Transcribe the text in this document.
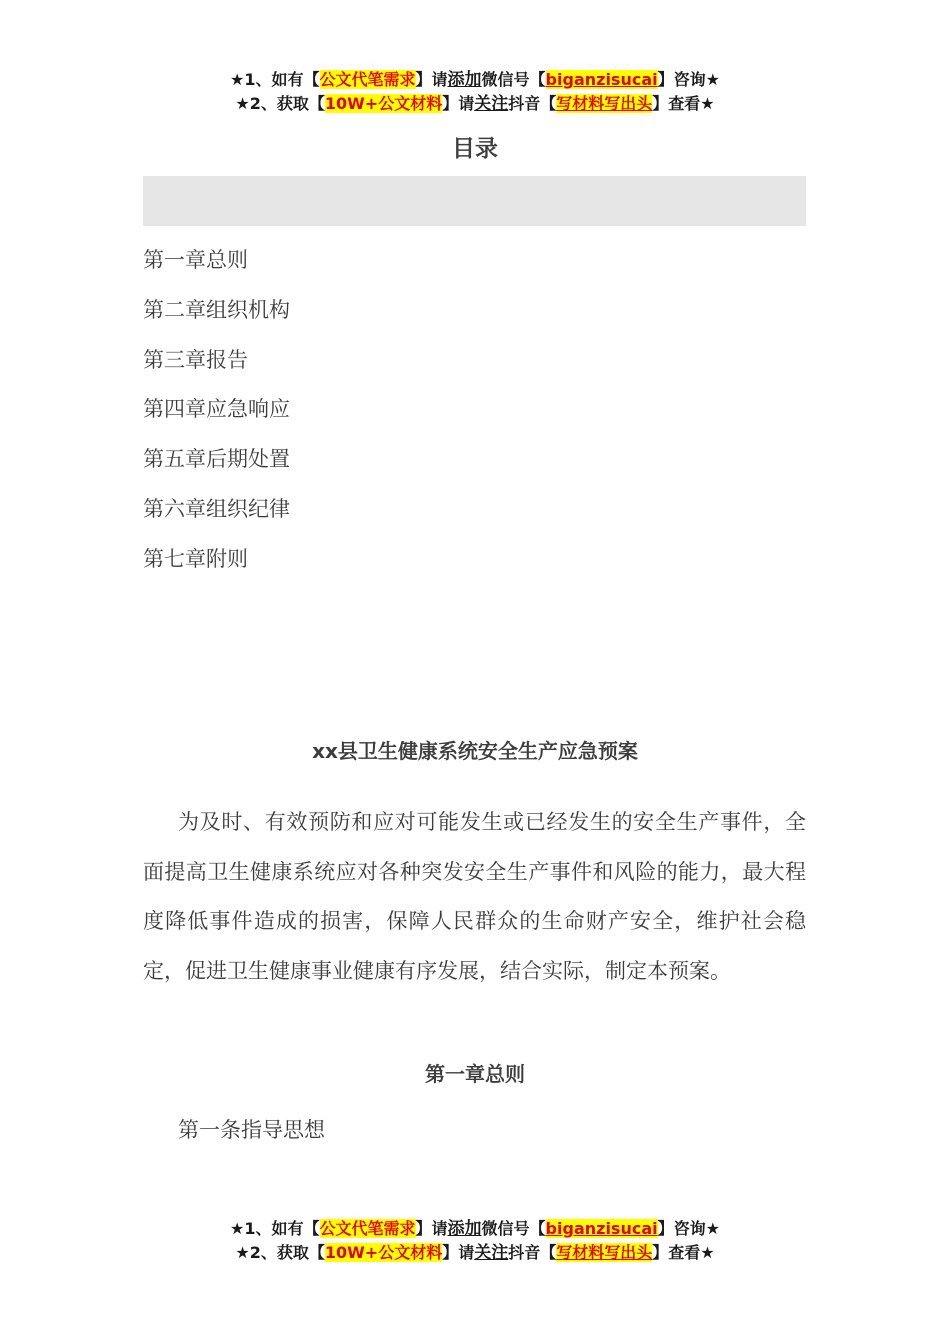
★1、如有【公文代笔需求】请添加微信号【biganzisucai】咨询★
★2、获取【10W+公文材料】请关注抖音【写材料写出头】查看★
目录
第一章总则
第二章组织机构
第三章报告
第四章应急响应
第五章后期处置
第六章组织纪律
第七章附则
xx县卫生健康系统安全生产应急预案
为及时、有效预防和应对可能发生或已经发生的安全生产事件，全面提高卫生健康系统应对各种突发安全生产事件和风险的能力，最大程度降低事件造成的损害，保障人民群众的生命财产安全，维护社会稳定，促进卫生健康事业健康有序发展，结合实际，制定本预案。
第一章总则
第一条指导思想
★1、如有【公文代笔需求】请添加微信号【biganzisucai】咨询★
★2、获取【10W+公文材料】请关注抖音【写材料写出头】查看★
